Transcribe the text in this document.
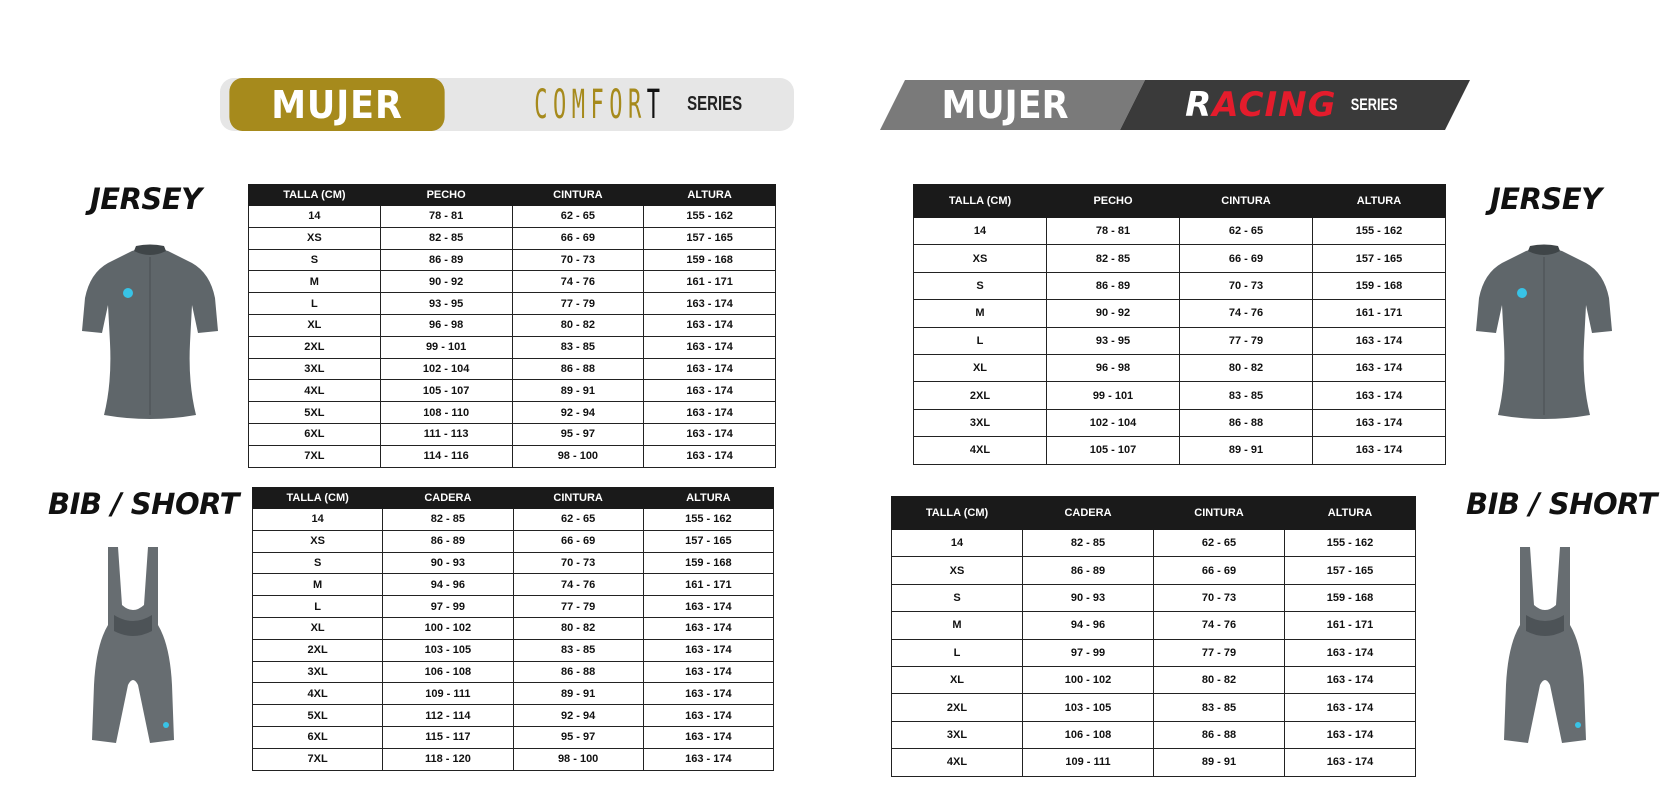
MUJER	COMFORT SERIES	MUJER	RACING SERIES
JERSEY
BIB / SHORT
JERSEY
BIB / SHORT
TALLA (CM)	PECHO	CINTURA	ALTURA
14	78 - 81	62 - 65	155 - 162
XS	82 - 85	66 - 69	157 - 165
S	86 - 89	70 - 73	159 - 168
M	90 - 92	74 - 76	161 - 171
L	93 - 95	77 - 79	163 - 174
XL	96 - 98	80 - 82	163 - 174
2XL	99 - 101	83 - 85	163 - 174
3XL	102 - 104	86 - 88	163 - 174
4XL	105 - 107	89 - 91	163 - 174
5XL	108 - 110	92 - 94	163 - 174
6XL	111 - 113	95 - 97	163 - 174
7XL	114 - 116	98 - 100	163 - 174
TALLA (CM)	CADERA	CINTURA	ALTURA
14	82 - 85	62 - 65	155 - 162
XS	86 - 89	66 - 69	157 - 165
S	90 - 93	70 - 73	159 - 168
M	94 - 96	74 - 76	161 - 171
L	97 - 99	77 - 79	163 - 174
XL	100 - 102	80 - 82	163 - 174
2XL	103 - 105	83 - 85	163 - 174
3XL	106 - 108	86 - 88	163 - 174
4XL	109 - 111	89 - 91	163 - 174
5XL	112 - 114	92 - 94	163 - 174
6XL	115 - 117	95 - 97	163 - 174
7XL	118 - 120	98 - 100	163 - 174
TALLA (CM)	PECHO	CINTURA	ALTURA
14	78 - 81	62 - 65	155 - 162
XS	82 - 85	66 - 69	157 - 165
S	86 - 89	70 - 73	159 - 168
M	90 - 92	74 - 76	161 - 171
L	93 - 95	77 - 79	163 - 174
XL	96 - 98	80 - 82	163 - 174
2XL	99 - 101	83 - 85	163 - 174
3XL	102 - 104	86 - 88	163 - 174
4XL	105 - 107	89 - 91	163 - 174
TALLA (CM)	CADERA	CINTURA	ALTURA
14	82 - 85	62 - 65	155 - 162
XS	86 - 89	66 - 69	157 - 165
S	90 - 93	70 - 73	159 - 168
M	94 - 96	74 - 76	161 - 171
L	97 - 99	77 - 79	163 - 174
XL	100 - 102	80 - 82	163 - 174
2XL	103 - 105	83 - 85	163 - 174
3XL	106 - 108	86 - 88	163 - 174
4XL	109 - 111	89 - 91	163 - 174
